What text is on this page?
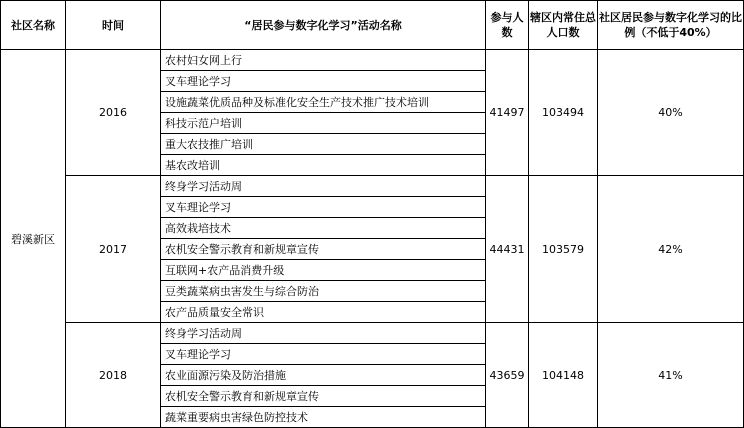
社区名称	时间	“居民参与数字化学习”活动名称	参与人数	辖区内常住总人口数	社区居民参与数字化学习的比例（不低于40%）
碧溪新区	2016	农村妇女网上行	41497	103494	40%
		叉车理论学习			
		设施蔬菜优质品种及标准化安全生产技术推广技术培训			
		科技示范户培训			
		重大农技推广培训			
		基农改培训			
	2017	终身学习活动周	44431	103579	42%
		叉车理论学习			
		高效栽培技术			
		农机安全警示教育和新规章宣传			
		互联网+农产品消费升级			
		豆类蔬菜病虫害发生与综合防治			
		农产品质量安全常识			
	2018	终身学习活动周	43659	104148	41%
		叉车理论学习			
		农业面源污染及防治措施			
		农机安全警示教育和新规章宣传			
		蔬菜重要病虫害绿色防控技术			
